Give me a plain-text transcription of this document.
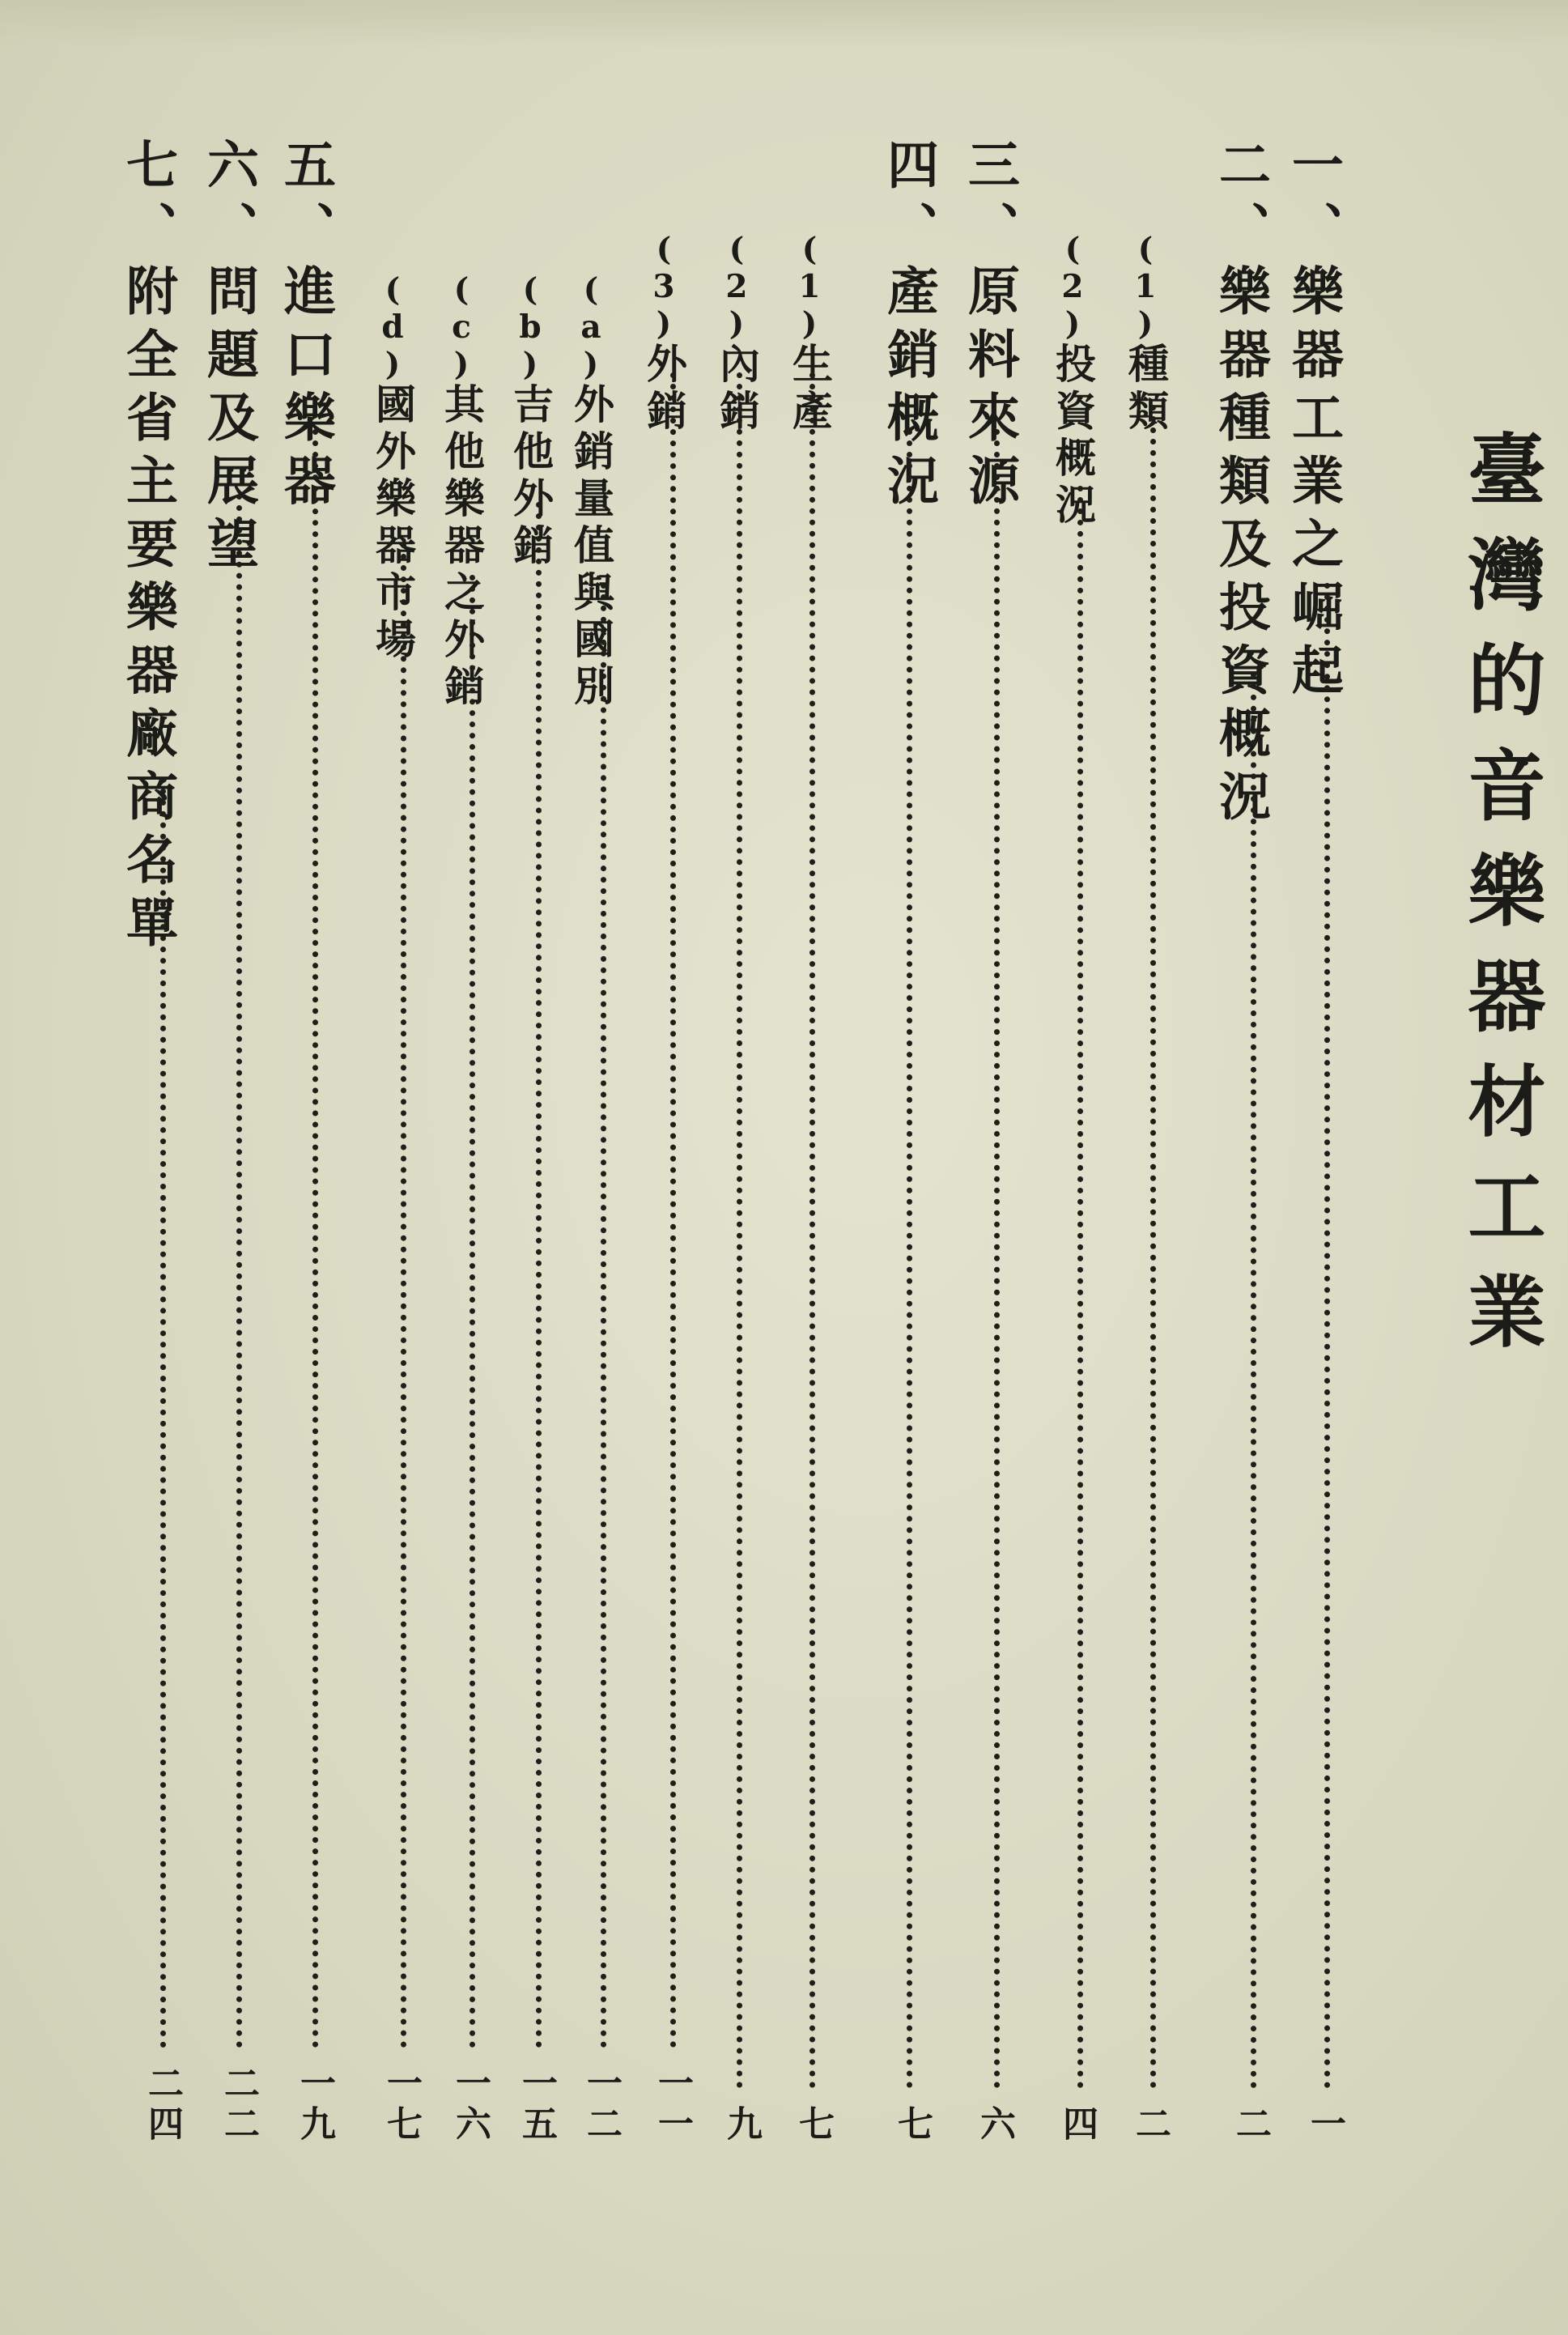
臺灣的音樂器材工業
一、樂器工業之崛起
一
二、樂器種類及投資概況
二
(1)種類
二
(2)投資概況
四
三、原料來源
六
四、產銷概況
七
(1)生產
七
(2)內銷
九
(3)外銷
一一
(a)外銷量值與國別
一二
(b)吉他外銷
一五
(c)其他樂器之外銷
一六
(d)國外樂器市場
一七
五、進口樂器
一九
六、問題及展望
二二
七、附全省主要樂器廠商名單
二四
